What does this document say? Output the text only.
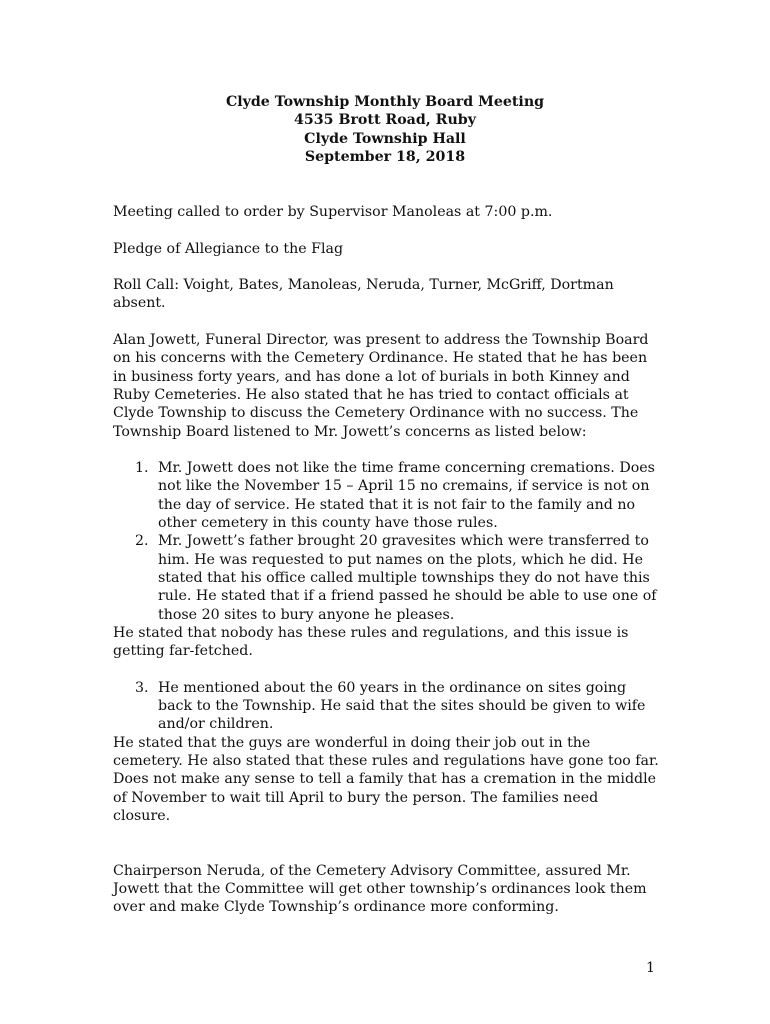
Clyde Township Monthly Board Meeting
4535 Brott Road, Ruby
Clyde Township Hall
September 18, 2018

Meeting called to order by Supervisor Manoleas at 7:00 p.m.

Pledge of Allegiance to the Flag

Roll Call: Voight, Bates, Manoleas, Neruda, Turner, McGriff, Dortman absent.

Alan Jowett, Funeral Director, was present to address the Township Board on his concerns with the Cemetery Ordinance. He stated that he has been in business forty years, and has done a lot of burials in both Kinney and Ruby Cemeteries. He also stated that he has tried to contact officials at Clyde Township to discuss the Cemetery Ordinance with no success. The Township Board listened to Mr. Jowett’s concerns as listed below:

1. Mr. Jowett does not like the time frame concerning cremations. Does not like the November 15 – April 15 no cremains, if service is not on the day of service. He stated that it is not fair to the family and no other cemetery in this county have those rules.
2. Mr. Jowett’s father brought 20 gravesites which were transferred to him. He was requested to put names on the plots, which he did. He stated that his office called multiple townships they do not have this rule. He stated that if a friend passed he should be able to use one of those 20 sites to bury anyone he pleases.

He stated that nobody has these rules and regulations, and this issue is getting far-fetched.

3. He mentioned about the 60 years in the ordinance on sites going back to the Township. He said that the sites should be given to wife and/or children.

He stated that the guys are wonderful in doing their job out in the cemetery. He also stated that these rules and regulations have gone too far. Does not make any sense to tell a family that has a cremation in the middle of November to wait till April to bury the person. The families need closure.

Chairperson Neruda, of the Cemetery Advisory Committee, assured Mr. Jowett that the Committee will get other township’s ordinances look them over and make Clyde Township’s ordinance more conforming.

1
